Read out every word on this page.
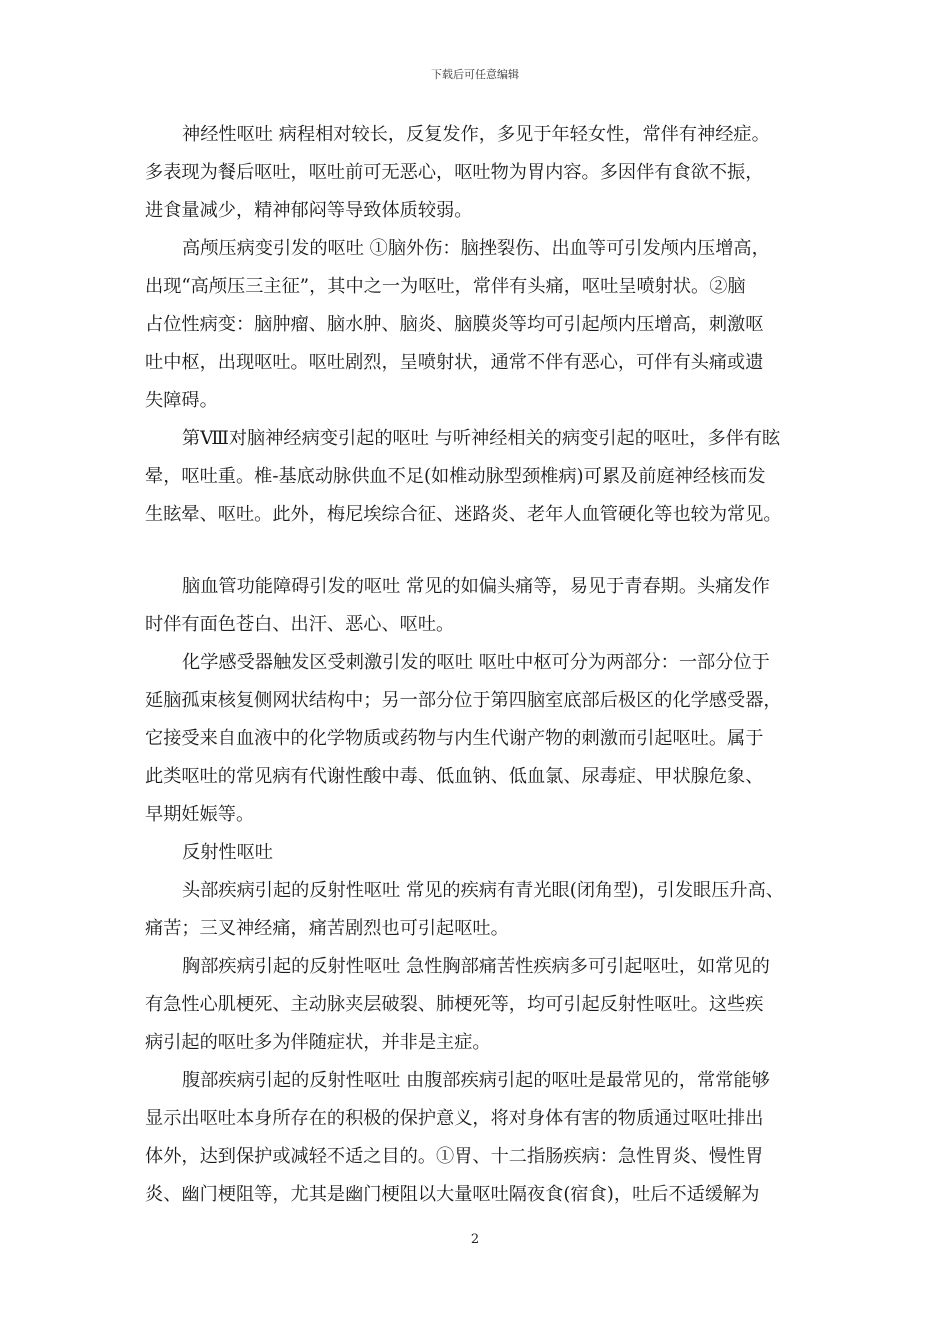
下载后可任意编辑
神经性呕吐 病程相对较长，反复发作，多见于年轻女性，常伴有神经症。
多表现为餐后呕吐，呕吐前可无恶心，呕吐物为胃内容。多因伴有食欲不振，
进食量减少，精神郁闷等导致体质较弱。
高颅压病变引发的呕吐 ①脑外伤：脑挫裂伤、出血等可引发颅内压增高，
出现“高颅压三主征”，其中之一为呕吐，常伴有头痛，呕吐呈喷射状。②脑
占位性病变：脑肿瘤、脑水肿、脑炎、脑膜炎等均可引起颅内压增高，刺激呕
吐中枢，出现呕吐。呕吐剧烈，呈喷射状，通常不伴有恶心，可伴有头痛或遗
失障碍。
第Ⅷ对脑神经病变引起的呕吐 与听神经相关的病变引起的呕吐，多伴有眩
晕，呕吐重。椎-基底动脉供血不足(如椎动脉型颈椎病)可累及前庭神经核而发
生眩晕、呕吐。此外，梅尼埃综合征、迷路炎、老年人血管硬化等也较为常见。
脑血管功能障碍引发的呕吐 常见的如偏头痛等，易见于青春期。头痛发作
时伴有面色苍白、出汗、恶心、呕吐。
化学感受器触发区受刺激引发的呕吐 呕吐中枢可分为两部分：一部分位于
延脑孤束核复侧网状结构中；另一部分位于第四脑室底部后极区的化学感受器，
它接受来自血液中的化学物质或药物与内生代谢产物的刺激而引起呕吐。属于
此类呕吐的常见病有代谢性酸中毒、低血钠、低血氯、尿毒症、甲状腺危象、
早期妊娠等。
反射性呕吐
头部疾病引起的反射性呕吐 常见的疾病有青光眼(闭角型)，引发眼压升高、
痛苦；三叉神经痛，痛苦剧烈也可引起呕吐。
胸部疾病引起的反射性呕吐 急性胸部痛苦性疾病多可引起呕吐，如常见的
有急性心肌梗死、主动脉夹层破裂、肺梗死等，均可引起反射性呕吐。这些疾
病引起的呕吐多为伴随症状，并非是主症。
腹部疾病引起的反射性呕吐 由腹部疾病引起的呕吐是最常见的，常常能够
显示出呕吐本身所存在的积极的保护意义，将对身体有害的物质通过呕吐排出
体外，达到保护或减轻不适之目的。①胃、十二指肠疾病：急性胃炎、慢性胃
炎、幽门梗阻等，尤其是幽门梗阻以大量呕吐隔夜食(宿食)，吐后不适缓解为
2
